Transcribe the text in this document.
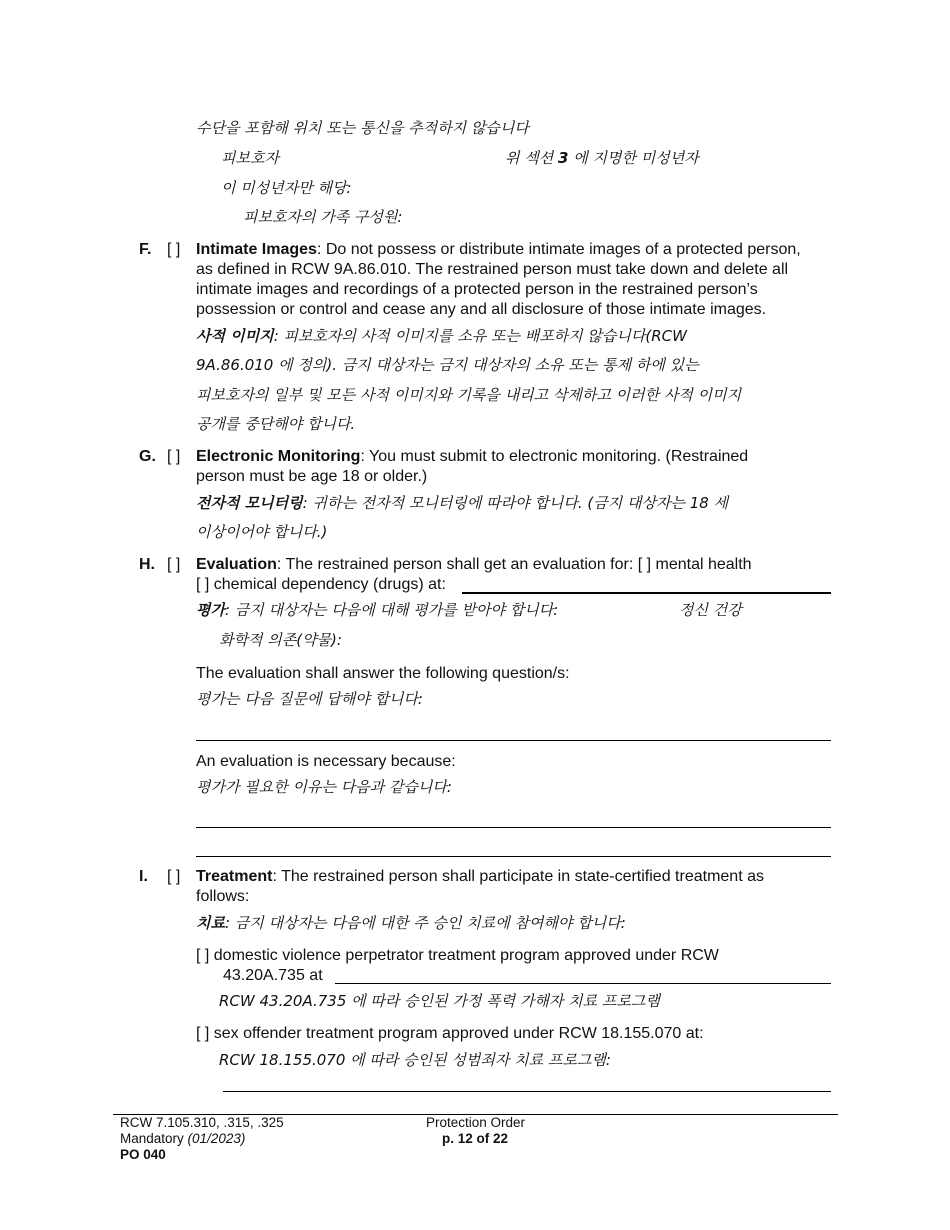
수단을 포함해 위치 또는 통신을 추적하지 않습니다
피보호자	위 섹션 3 에 지명한 미성년자
이 미성년자만 해당:
피보호자의 가족 구성원:
F. [ ] Intimate Images: Do not possess or distribute intimate images of a protected person,
as defined in RCW 9A.86.010. The restrained person must take down and delete all
intimate images and recordings of a protected person in the restrained person’s
possession or control and cease any and all disclosure of those intimate images.
사적 이미지: 피보호자의 사적 이미지를 소유 또는 배포하지 않습니다(RCW
9A.86.010 에 정의). 금지 대상자는 금지 대상자의 소유 또는 통제 하에 있는
피보호자의 일부 및 모든 사적 이미지와 기록을 내리고 삭제하고 이러한 사적 이미지
공개를 중단해야 합니다.
G. [ ] Electronic Monitoring: You must submit to electronic monitoring. (Restrained
person must be age 18 or older.)
전자적 모니터링: 귀하는 전자적 모니터링에 따라야 합니다. (금지 대상자는 18 세
이상이어야 합니다.)
H. [ ] Evaluation: The restrained person shall get an evaluation for: [ ] mental health
[ ] chemical dependency (drugs) at:
평가: 금지 대상자는 다음에 대해 평가를 받아야 합니다:	정신 건강
화학적 의존(약물):
The evaluation shall answer the following question/s:
평가는 다음 질문에 답해야 합니다:
An evaluation is necessary because:
평가가 필요한 이유는 다음과 같습니다:
I. [ ] Treatment: The restrained person shall participate in state-certified treatment as
follows:
치료: 금지 대상자는 다음에 대한 주 승인 치료에 참여해야 합니다:
[ ] domestic violence perpetrator treatment program approved under RCW
43.20A.735 at
RCW 43.20A.735 에 따라 승인된 가정 폭력 가해자 치료 프로그램
[ ] sex offender treatment program approved under RCW 18.155.070 at:
RCW 18.155.070 에 따라 승인된 성범죄자 치료 프로그램:
RCW 7.105.310, .315, .325
Mandatory (01/2023)
PO 040
Protection Order
p. 12 of 22
